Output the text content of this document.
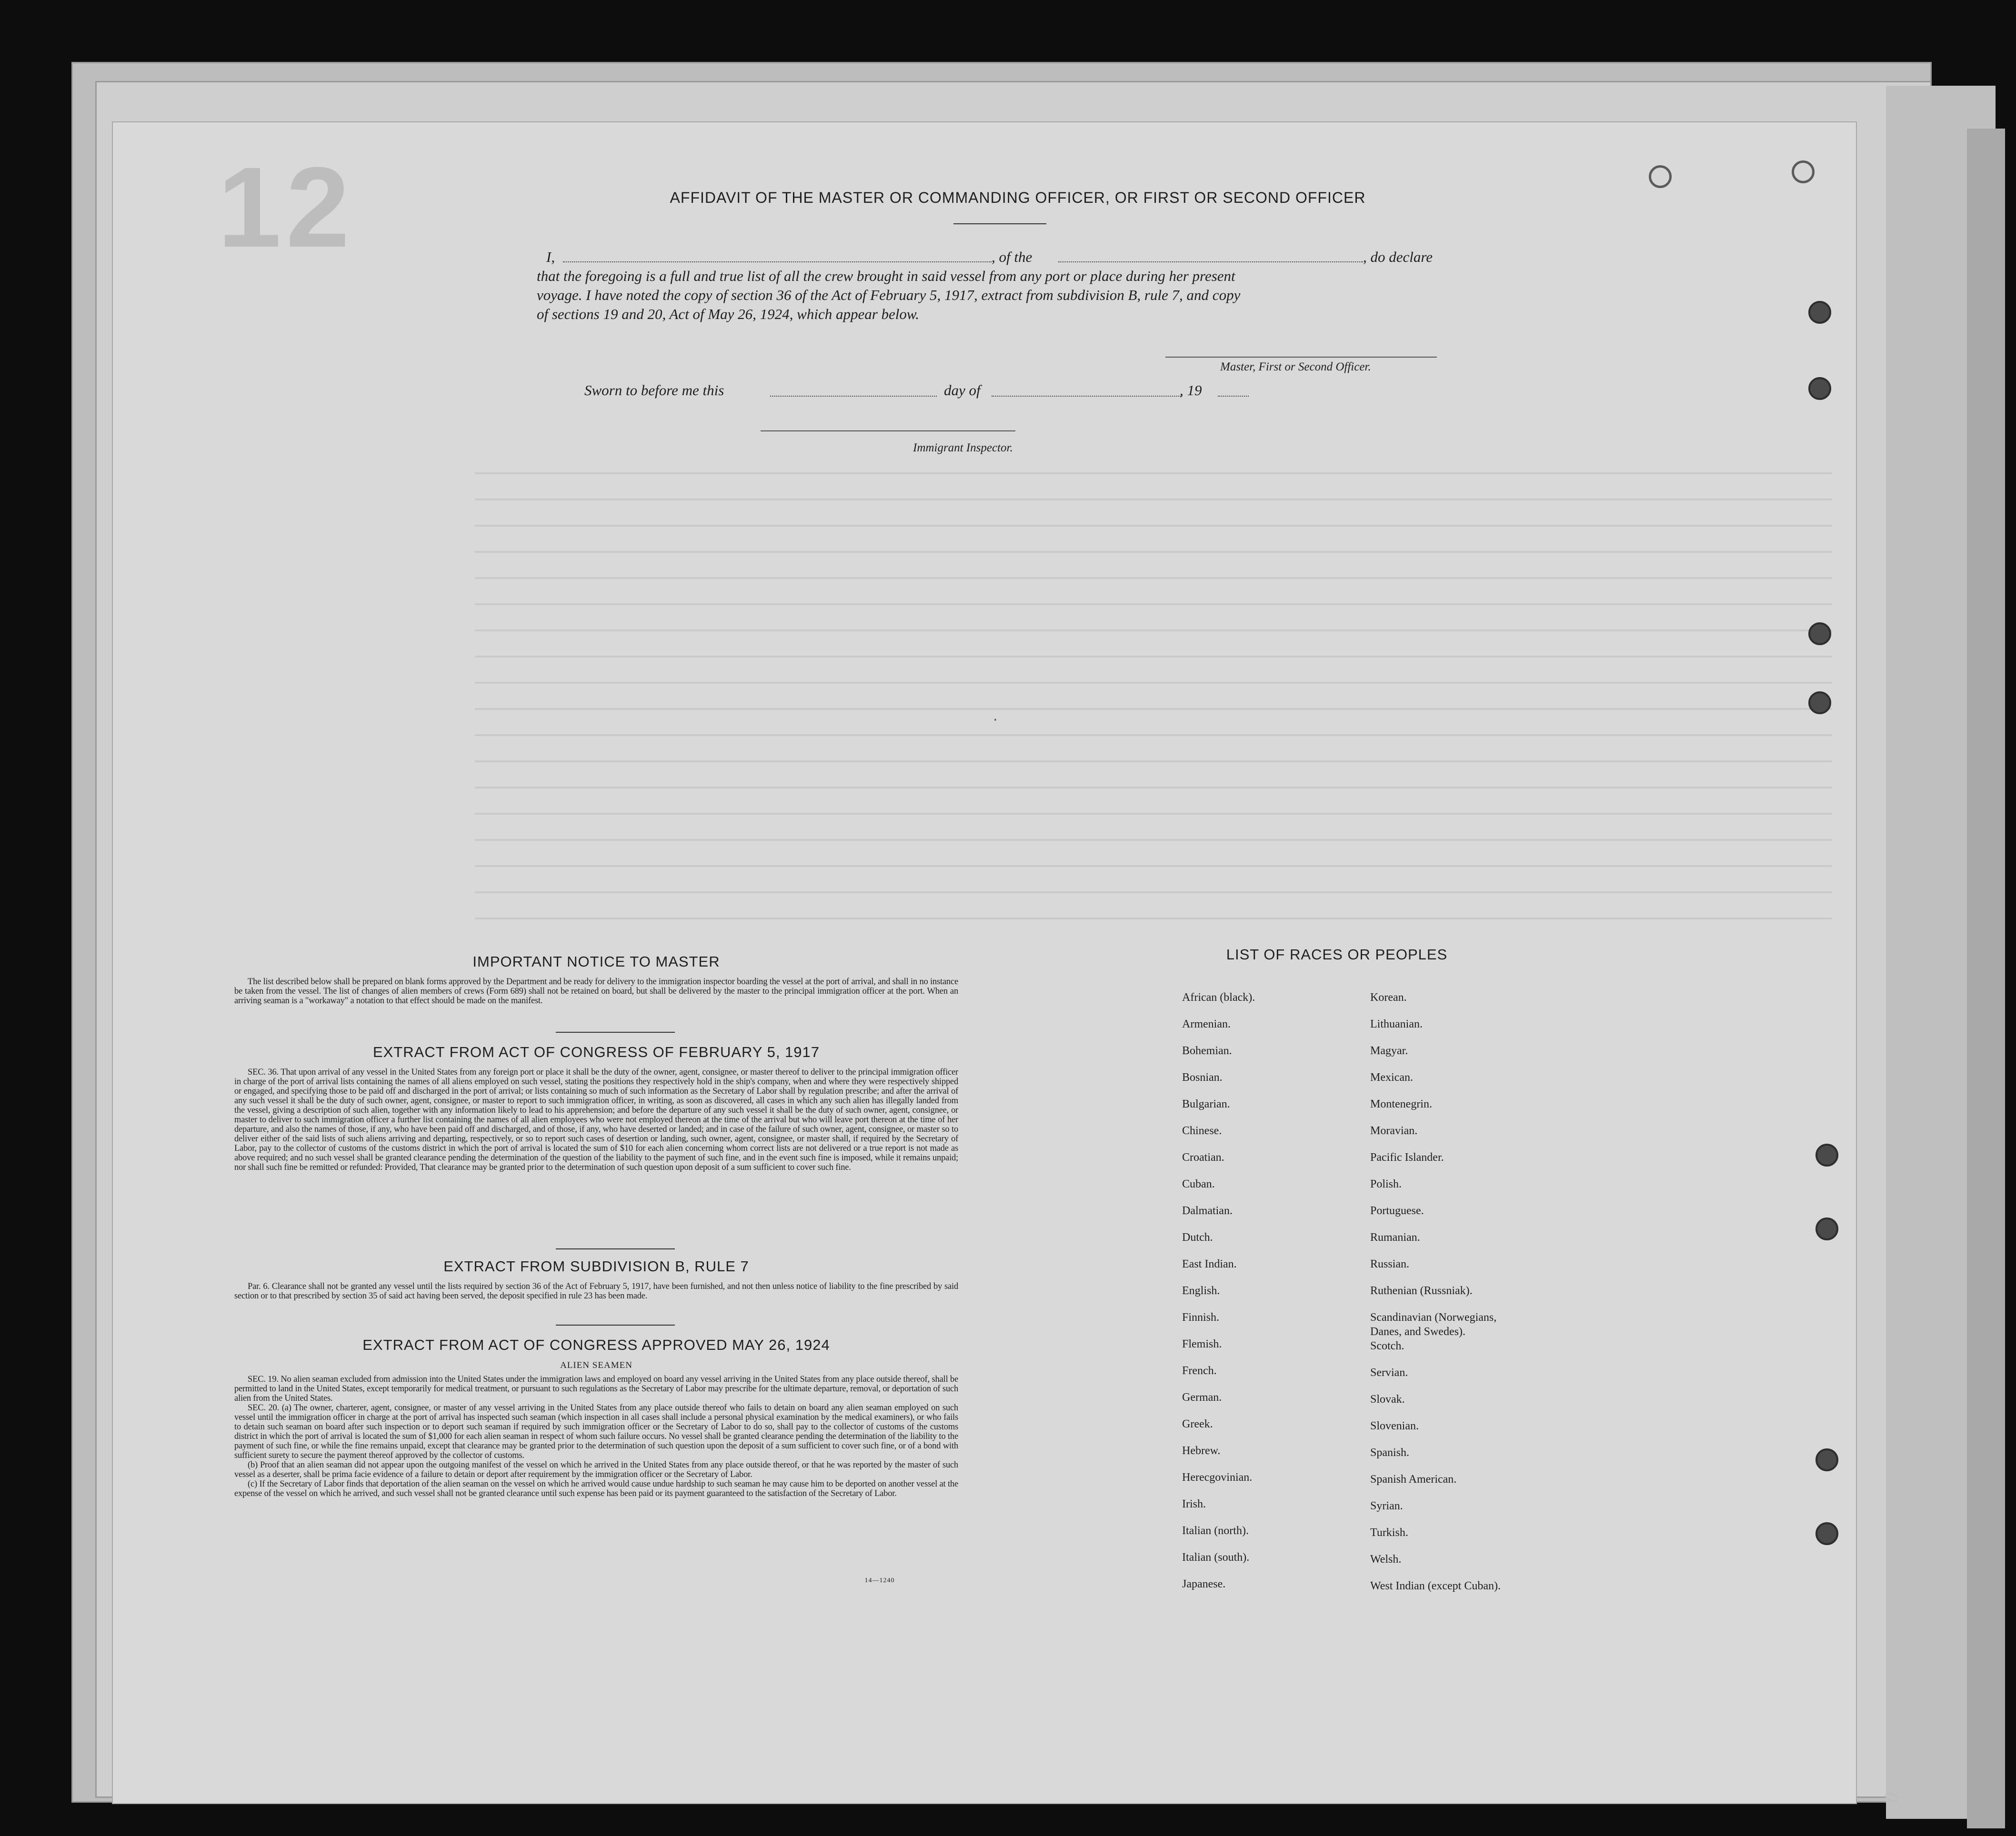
12	AFFIDAVIT OF THE MASTER OR COMMANDING OFFICER, OR FIRST OR SECOND OFFICER
I,	, of the	, do declare
that the foregoing is a full and true list of all the crew brought in said vessel from any port or place during her present
voyage. I have noted the copy of section 36 of the Act of February 5, 1917, extract from subdivision B, rule 7, and copy
of sections 19 and 20, Act of May 26, 1924, which appear below.
Master, First or Second Officer.
Sworn to before me this	day of	, 19
Immigrant Inspector.
·
IMPORTANT NOTICE TO MASTER

The list described below shall be prepared on blank forms approved by the Department and be ready for delivery to the immigration inspector boarding the vessel at the port of arrival, and shall in no instance be taken from the vessel. The list of changes of alien members of crews (Form 689) shall not be retained on board, but shall be delivered by the master to the principal immigration officer at the port. When an arriving seaman is a "workaway" a notation to that effect should be made on the manifest.

EXTRACT FROM ACT OF CONGRESS OF FEBRUARY 5, 1917

SEC. 36. That upon arrival of any vessel in the United States from any foreign port or place it shall be the duty of the owner, agent, consignee, or master thereof to deliver to the principal immigration officer in charge of the port of arrival lists containing the names of all aliens employed on such vessel, stating the positions they respectively hold in the ship's company, when and where they were respectively shipped or engaged, and specifying those to be paid off and discharged in the port of arrival; or lists containing so much of such information as the Secretary of Labor shall by regulation prescribe; and after the arrival of any such vessel it shall be the duty of such owner, agent, consignee, or master to report to such immigration officer, in writing, as soon as discovered, all cases in which any such alien has illegally landed from the vessel, giving a description of such alien, together with any information likely to lead to his apprehension; and before the departure of any such vessel it shall be the duty of such owner, agent, consignee, or master to deliver to such immigration officer a further list containing the names of all alien employees who were not employed thereon at the time of the arrival but who will leave port thereon at the time of her departure, and also the names of those, if any, who have been paid off and discharged, and of those, if any, who have deserted or landed; and in case of the failure of such owner, agent, consignee, or master so to deliver either of the said lists of such aliens arriving and departing, respectively, or so to report such cases of desertion or landing, such owner, agent, consignee, or master shall, if required by the Secretary of Labor, pay to the collector of customs of the customs district in which the port of arrival is located the sum of $10 for each alien concerning whom correct lists are not delivered or a true report is not made as above required; and no such vessel shall be granted clearance pending the determination of the question of the liability to the payment of such fine, and in the event such fine is imposed, while it remains unpaid; nor shall such fine be remitted or refunded: Provided, That clearance may be granted prior to the determination of such question upon deposit of a sum sufficient to cover such fine.

EXTRACT FROM SUBDIVISION B, RULE 7

Par. 6. Clearance shall not be granted any vessel until the lists required by section 36 of the Act of February 5, 1917, have been furnished, and not then unless notice of liability to the fine prescribed by said section or to that prescribed by section 35 of said act having been served, the deposit specified in rule 23 has been made.

EXTRACT FROM ACT OF CONGRESS APPROVED MAY 26, 1924
ALIEN SEAMEN

SEC. 19. No alien seaman excluded from admission into the United States under the immigration laws and employed on board any vessel arriving in the United States from any place outside thereof, shall be permitted to land in the United States, except temporarily for medical treatment, or pursuant to such regulations as the Secretary of Labor may prescribe for the ultimate departure, removal, or deportation of such alien from the United States.

SEC. 20. (a) The owner, charterer, agent, consignee, or master of any vessel arriving in the United States from any place outside thereof who fails to detain on board any alien seaman employed on such vessel until the immigration officer in charge at the port of arrival has inspected such seaman (which inspection in all cases shall include a personal physical examination by the medical examiners), or who fails to detain such seaman on board after such inspection or to deport such seaman if required by such immigration officer or the Secretary of Labor to do so, shall pay to the collector of customs of the customs district in which the port of arrival is located the sum of $1,000 for each alien seaman in respect of whom such failure occurs. No vessel shall be granted clearance pending the determination of the liability to the payment of such fine, or while the fine remains unpaid, except that clearance may be granted prior to the determination of such question upon the deposit of a sum sufficient to cover such fine, or of a bond with sufficient surety to secure the payment thereof approved by the collector of customs.

(b) Proof that an alien seaman did not appear upon the outgoing manifest of the vessel on which he arrived in the United States from any place outside thereof, or that he was reported by the master of such vessel as a deserter, shall be prima facie evidence of a failure to detain or deport after requirement by the immigration officer or the Secretary of Labor.

(c) If the Secretary of Labor finds that deportation of the alien seaman on the vessel on which he arrived would cause undue hardship to such seaman he may cause him to be deported on another vessel at the expense of the vessel on which he arrived, and such vessel shall not be granted clearance until such expense has been paid or its payment guaranteed to the satisfaction of the Secretary of Labor.

14—1240
LIST OF RACES OR PEOPLES
0.
African (black).
Armenian.
Bohemian.
Bosnian.
Bulgarian.
Chinese.
Croatian.
Cuban.
Dalmatian.
Dutch.
East Indian.
English.
Finnish.
Flemish.
French.
German.
Greek.
Hebrew.
Herecgovinian.
Irish.
Italian (north).
Italian (south).
Japanese.
Korean.
Lithuanian.
Magyar.
Mexican.
Montenegrin.
Moravian.
Pacific Islander.
Polish.
Portuguese.
Rumanian.
Russian.
Ruthenian (Russniak).
Scandinavian (Norwegians,
Danes, and Swedes).
Scotch.
Servian.
Slovak.
Slovenian.
Spanish.
Spanish American.
Syrian.
Turkish.
Welsh.
West Indian (except Cuban).
